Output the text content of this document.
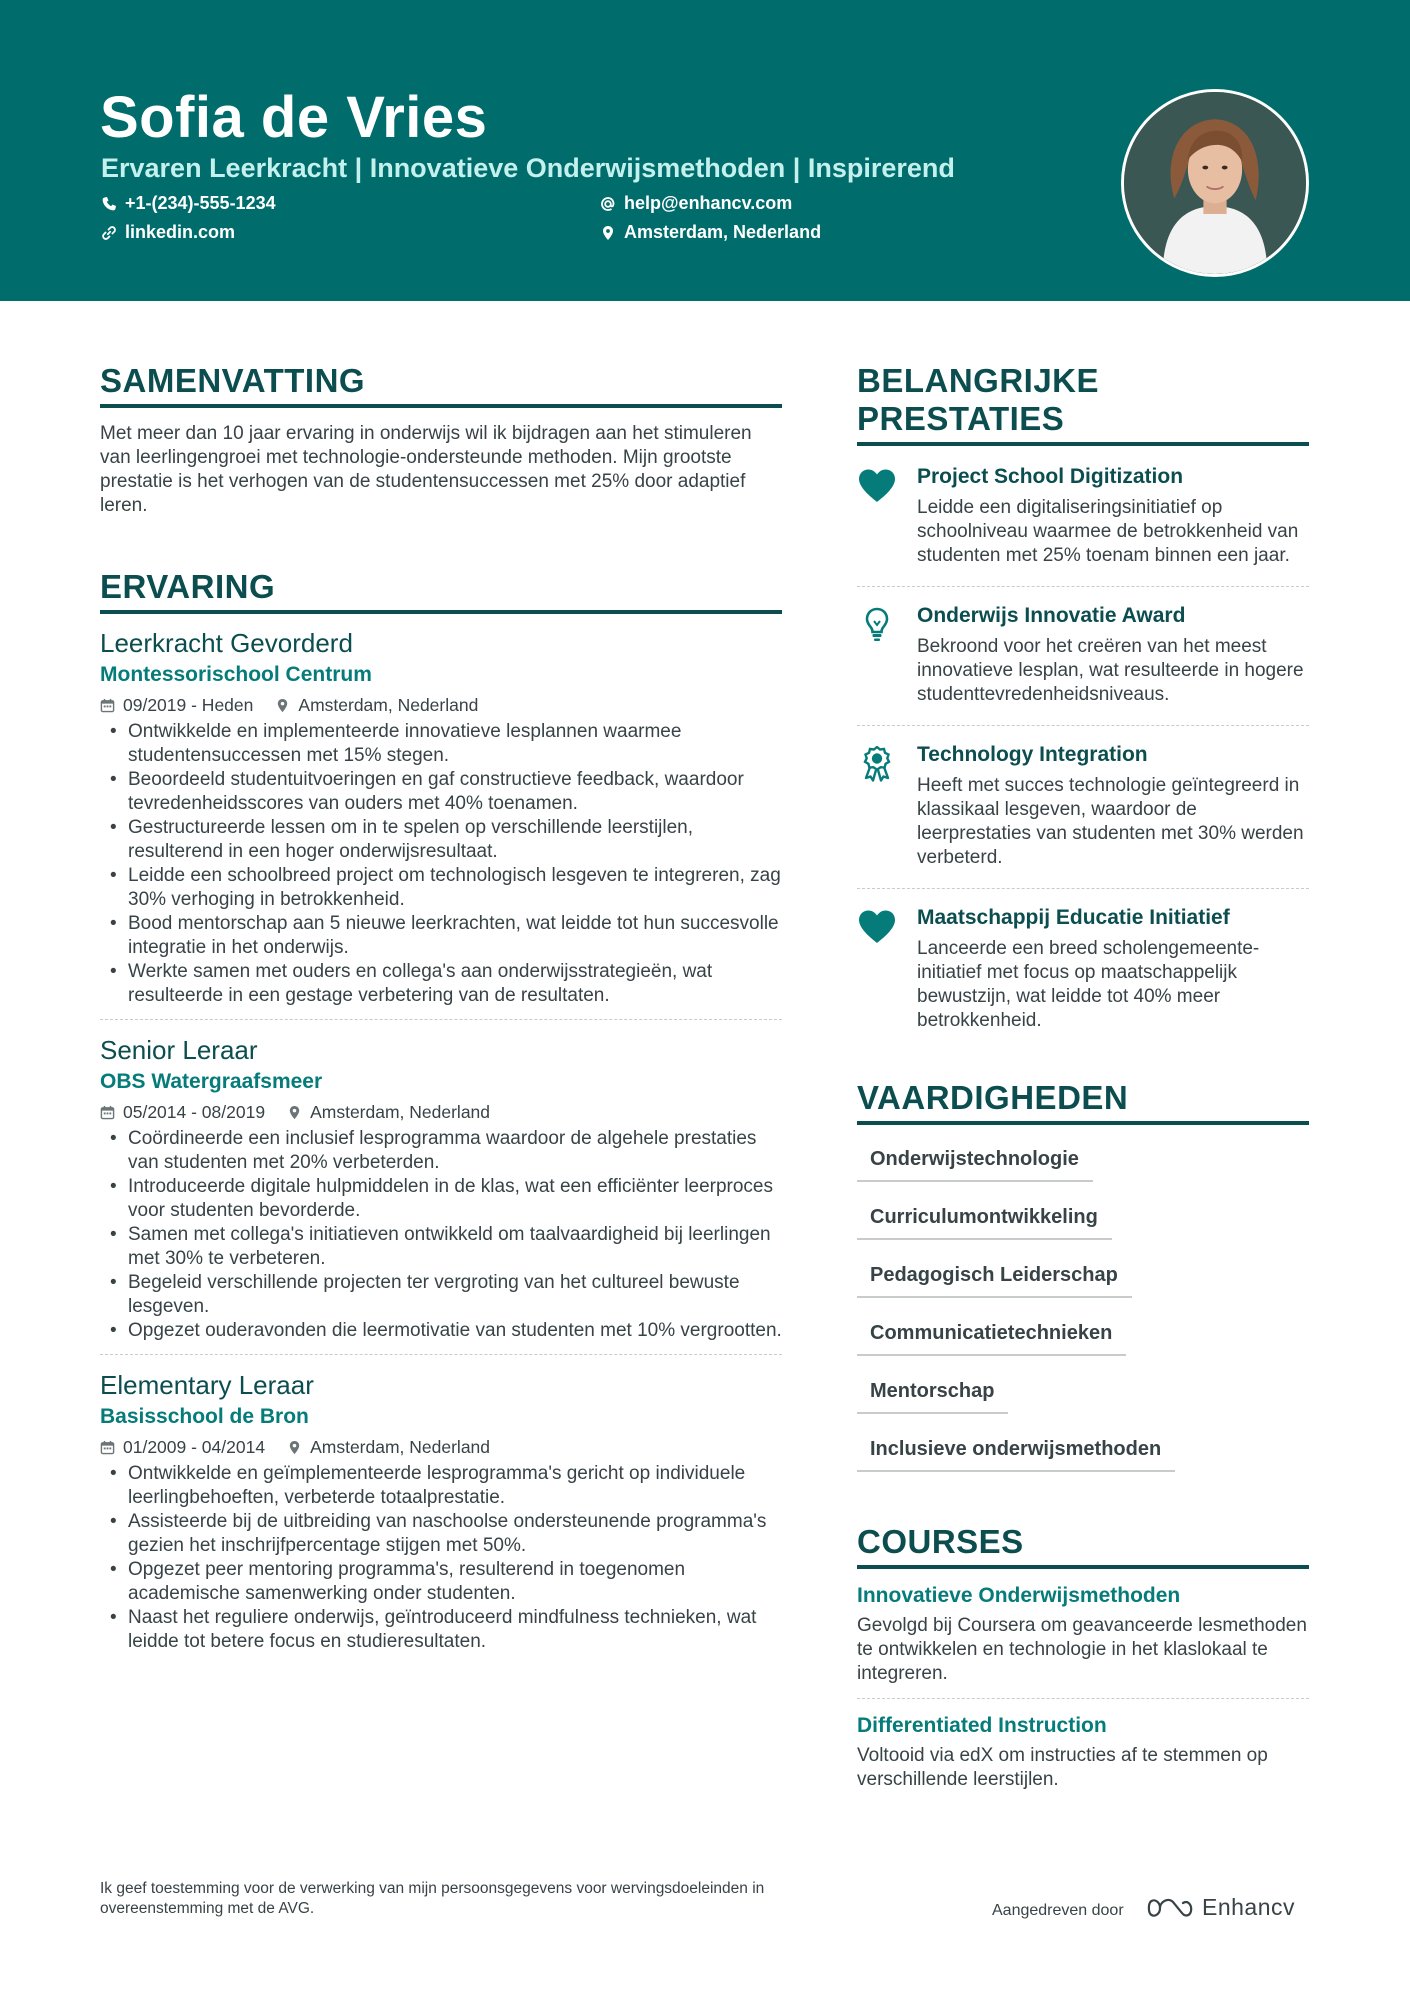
Sofia de Vries
Ervaren Leerkracht | Innovatieve Onderwijsmethoden | Inspirerend
+1-(234)-555-1234	help@enhancv.com
linkedin.com	Amsterdam, Nederland
SAMENVATTING
Met meer dan 10 jaar ervaring in onderwijs wil ik bijdragen aan het stimuleren van leerlingengroei met technologie-ondersteunde methoden. Mijn grootste prestatie is het verhogen van de studentensuccessen met 25% door adaptief leren.
ERVARING
Leerkracht Gevorderd
Montessorischool Centrum
09/2019 - Heden	Amsterdam, Nederland
• Ontwikkelde en implementeerde innovatieve lesplannen waarmee studentensuccessen met 15% stegen.
• Beoordeeld studentuitvoeringen en gaf constructieve feedback, waardoor tevredenheidsscores van ouders met 40% toenamen.
• Gestructureerde lessen om in te spelen op verschillende leerstijlen, resulterend in een hoger onderwijsresultaat.
• Leidde een schoolbreed project om technologisch lesgeven te integreren, zag 30% verhoging in betrokkenheid.
• Bood mentorschap aan 5 nieuwe leerkrachten, wat leidde tot hun succesvolle integratie in het onderwijs.
• Werkte samen met ouders en collega's aan onderwijsstrategieën, wat resulteerde in een gestage verbetering van de resultaten.
Senior Leraar
OBS Watergraafsmeer
05/2014 - 08/2019	Amsterdam, Nederland
• Coördineerde een inclusief lesprogramma waardoor de algehele prestaties van studenten met 20% verbeterden.
• Introduceerde digitale hulpmiddelen in de klas, wat een efficiënter leerproces voor studenten bevorderde.
• Samen met collega's initiatieven ontwikkeld om taalvaardigheid bij leerlingen met 30% te verbeteren.
• Begeleid verschillende projecten ter vergroting van het cultureel bewuste lesgeven.
• Opgezet ouderavonden die leermotivatie van studenten met 10% vergrootten.
Elementary Leraar
Basisschool de Bron
01/2009 - 04/2014	Amsterdam, Nederland
• Ontwikkelde en geïmplementeerde lesprogramma's gericht op individuele leerlingbehoeften, verbeterde totaalprestatie.
• Assisteerde bij de uitbreiding van naschoolse ondersteunende programma's gezien het inschrijfpercentage stijgen met 50%.
• Opgezet peer mentoring programma's, resulterend in toegenomen academische samenwerking onder studenten.
• Naast het reguliere onderwijs, geïntroduceerd mindfulness technieken, wat leidde tot betere focus en studieresultaten.
BELANGRIJKE PRESTATIES
Project School Digitization
Leidde een digitaliseringsinitiatief op schoolniveau waarmee de betrokkenheid van studenten met 25% toenam binnen een jaar.
Onderwijs Innovatie Award
Bekroond voor het creëren van het meest innovatieve lesplan, wat resulteerde in hogere studenttevredenheidsniveaus.
Technology Integration
Heeft met succes technologie geïntegreerd in klassikaal lesgeven, waardoor de leerprestaties van studenten met 30% werden verbeterd.
Maatschappij Educatie Initiatief
Lanceerde een breed scholengemeente-initiatief met focus op maatschappelijk bewustzijn, wat leidde tot 40% meer betrokkenheid.
VAARDIGHEDEN
Onderwijstechnologie
Curriculumontwikkeling
Pedagogisch Leiderschap
Communicatietechnieken
Mentorschap
Inclusieve onderwijsmethoden
COURSES
Innovatieve Onderwijsmethoden
Gevolgd bij Coursera om geavanceerde lesmethoden te ontwikkelen en technologie in het klaslokaal te integreren.
Differentiated Instruction
Voltooid via edX om instructies af te stemmen op verschillende leerstijlen.
Ik geef toestemming voor de verwerking van mijn persoonsgegevens voor wervingsdoeleinden in overeenstemming met de AVG.	Aangedreven door	Enhancv
